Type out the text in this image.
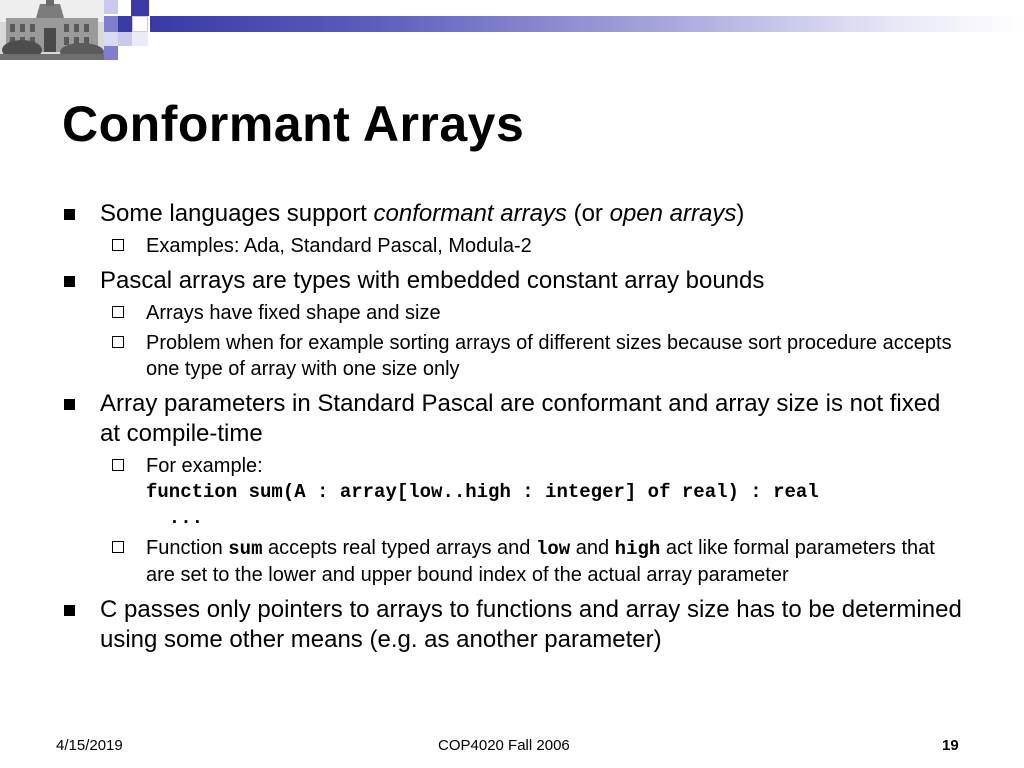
Conformant Arrays
Some languages support conformant arrays (or open arrays)
Examples: Ada, Standard Pascal, Modula-2
Pascal arrays are types with embedded constant array bounds
Arrays have fixed shape and size
Problem when for example sorting arrays of different sizes because sort procedure accepts one type of array with one size only
Array parameters in Standard Pascal are conformant and array size is not fixed at compile-time
For example:
function sum(A : array[low..high : integer] of real) : real
...
Function sum accepts real typed arrays and low and high act like formal parameters that are set to the lower and upper bound index of the actual array parameter
C passes only pointers to arrays to functions and array size has to be determined using some other means (e.g. as another parameter)
4/15/2019	COP4020 Fall 2006	19
